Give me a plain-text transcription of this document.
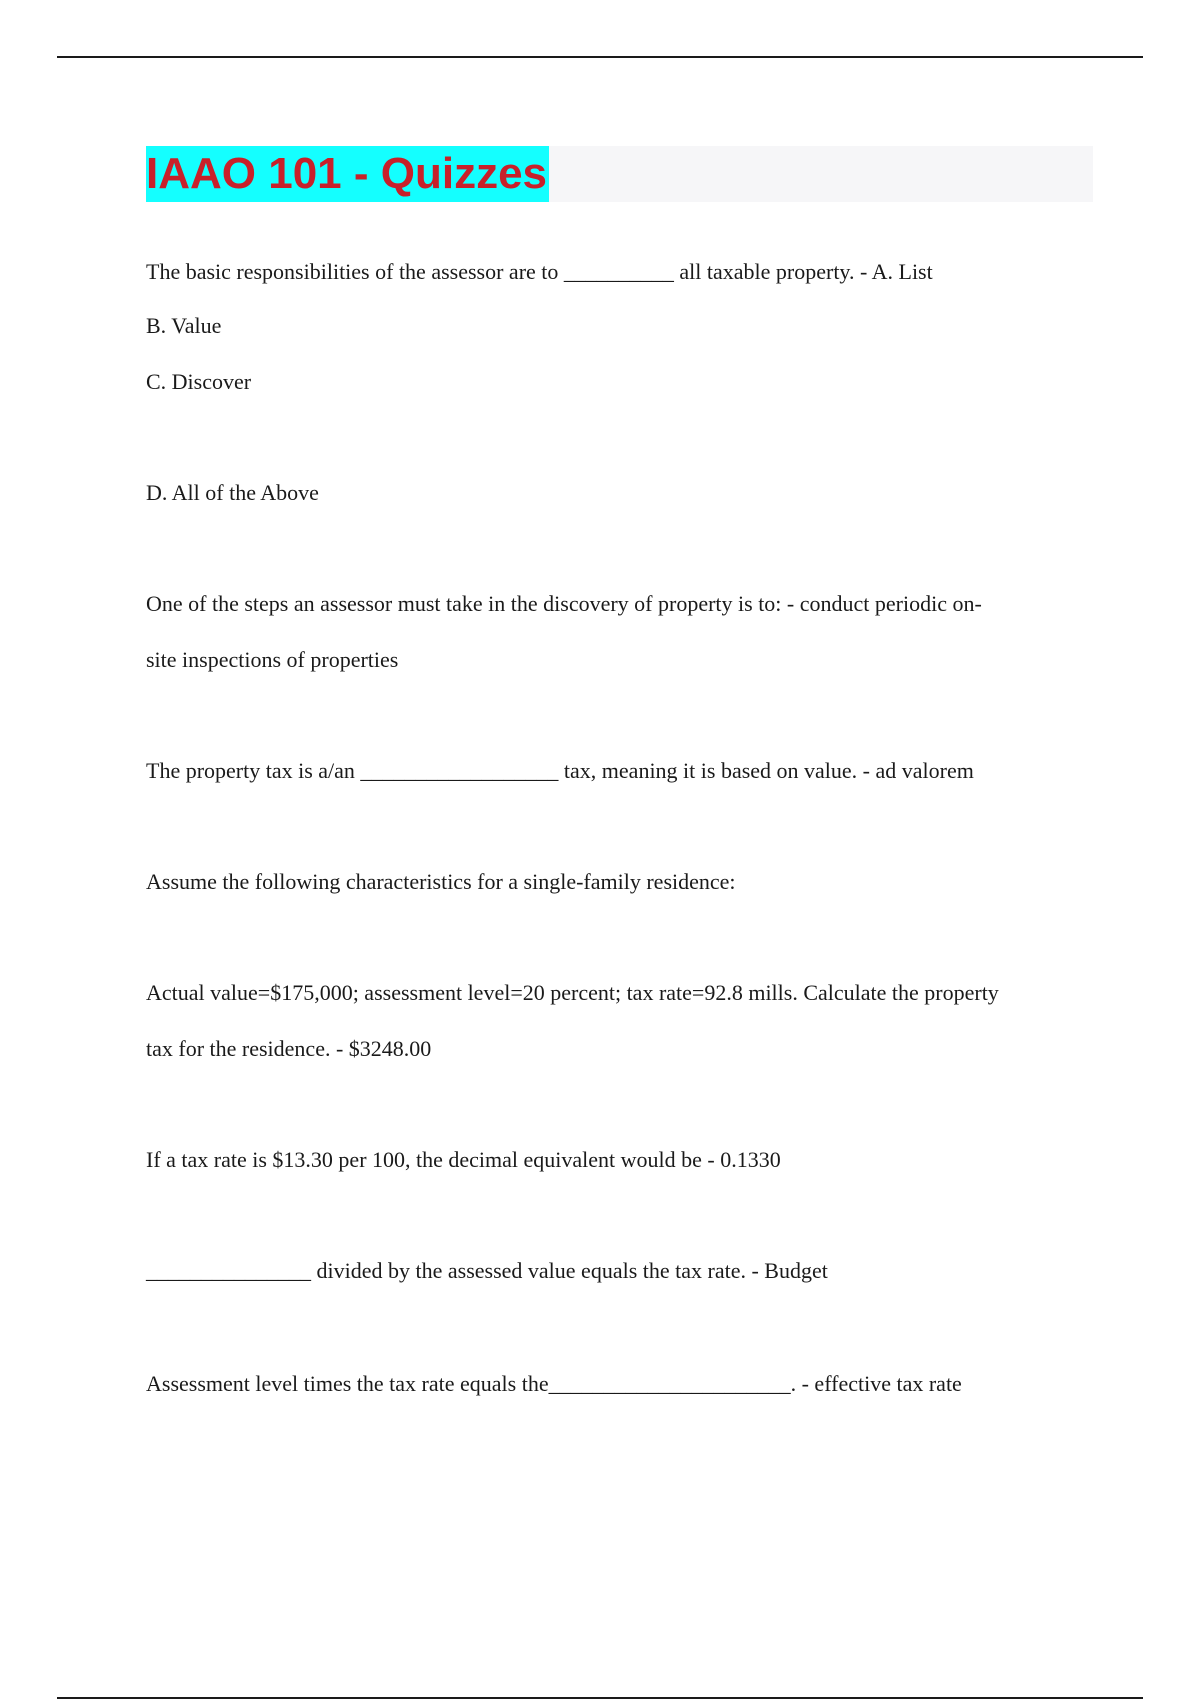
IAAO 101 - Quizzes
The basic responsibilities of the assessor are to __________ all taxable property. - A. List
B. Value
C. Discover
D. All of the Above
One of the steps an assessor must take in the discovery of property is to: - conduct periodic on-
site inspections of properties
The property tax is a/an __________________ tax, meaning it is based on value. - ad valorem
Assume the following characteristics for a single-family residence:
Actual value=$175,000; assessment level=20 percent; tax rate=92.8 mills. Calculate the property
tax for the residence. - $3248.00
If a tax rate is $13.30 per 100, the decimal equivalent would be - 0.1330
_______________ divided by the assessed value equals the tax rate. - Budget
Assessment level times the tax rate equals the______________________. - effective tax rate
